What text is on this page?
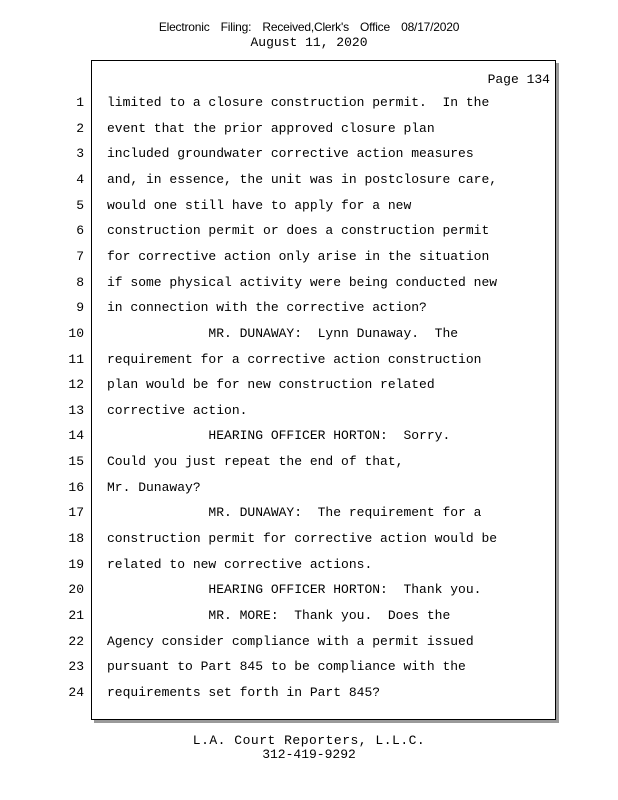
Electronic Filing: Received,Clerk's Office 08/17/2020
August 11, 2020
Page 134
1 limited to a closure construction permit.  In the
2 event that the prior approved closure plan
3 included groundwater corrective action measures
4 and, in essence, the unit was in postclosure care,
5 would one still have to apply for a new
6 construction permit or does a construction permit
7 for corrective action only arise in the situation
8 if some physical activity were being conducted new
9 in connection with the corrective action?
10 MR. DUNAWAY:  Lynn Dunaway.  The
11 requirement for a corrective action construction
12 plan would be for new construction related
13 corrective action.
14 HEARING OFFICER HORTON:  Sorry.
15 Could you just repeat the end of that,
16 Mr. Dunaway?
17 MR. DUNAWAY:  The requirement for a
18 construction permit for corrective action would be
19 related to new corrective actions.
20 HEARING OFFICER HORTON:  Thank you.
21 MR. MORE:  Thank you.  Does the
22 Agency consider compliance with a permit issued
23 pursuant to Part 845 to be compliance with the
24 requirements set forth in Part 845?
L.A. Court Reporters, L.L.C.
312-419-9292
